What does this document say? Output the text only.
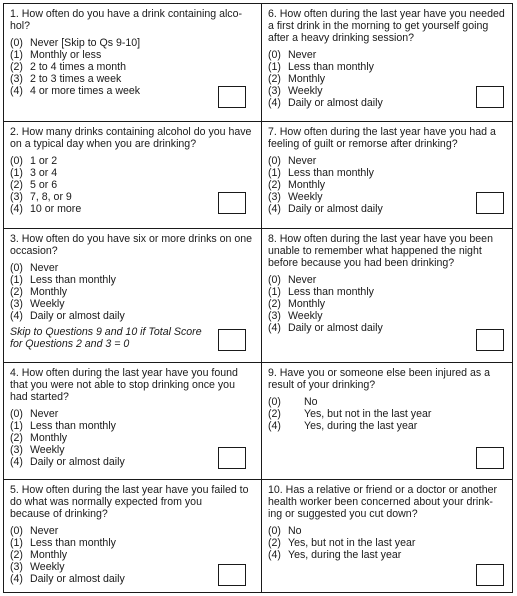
1. How often do you have a drink containing alco-
hol?

(0) Never [Skip to Qs 9-10]
(1) Monthly or less
(2) 2 to 4 times a month
(3) 2 to 3 times a week
(4) 4 or more times a week

2. How many drinks containing alcohol do you have
on a typical day when you are drinking?

(0) 1 or 2
(1) 3 or 4
(2) 5 or 6
(3) 7, 8, or 9
(4) 10 or more

3. How often do you have six or more drinks on one
occasion?

(0) Never
(1) Less than monthly
(2) Monthly
(3) Weekly
(4) Daily or almost daily
Skip to Questions 9 and 10 if Total Score
for Questions 2 and 3 = 0

4. How often during the last year have you found
that you were not able to stop drinking once you
had started?

(0) Never
(1) Less than monthly
(2) Monthly
(3) Weekly
(4) Daily or almost daily

5. How often during the last year have you failed to
do what was normally expected from you
because of drinking?

(0) Never
(1) Less than monthly
(2) Monthly
(3) Weekly
(4) Daily or almost daily

6. How often during the last year have you needed
a first drink in the morning to get yourself going
after a heavy drinking session?

(0) Never
(1) Less than monthly
(2) Monthly
(3) Weekly
(4) Daily or almost daily

7. How often during the last year have you had a
feeling of guilt or remorse after drinking?

(0) Never
(1) Less than monthly
(2) Monthly
(3) Weekly
(4) Daily or almost daily

8. How often during the last year have you been
unable to remember what happened the night
before because you had been drinking?

(0) Never
(1) Less than monthly
(2) Monthly
(3) Weekly
(4) Daily or almost daily

9. Have you or someone else been injured as a
result of your drinking?

(0)	No
(2)	Yes, but not in the last year
(4)	Yes, during the last year

10. Has a relative or friend or a doctor or another
health worker been concerned about your drink-
ing or suggested you cut down?

(0) No
(2) Yes, but not in the last year
(4) Yes, during the last year
